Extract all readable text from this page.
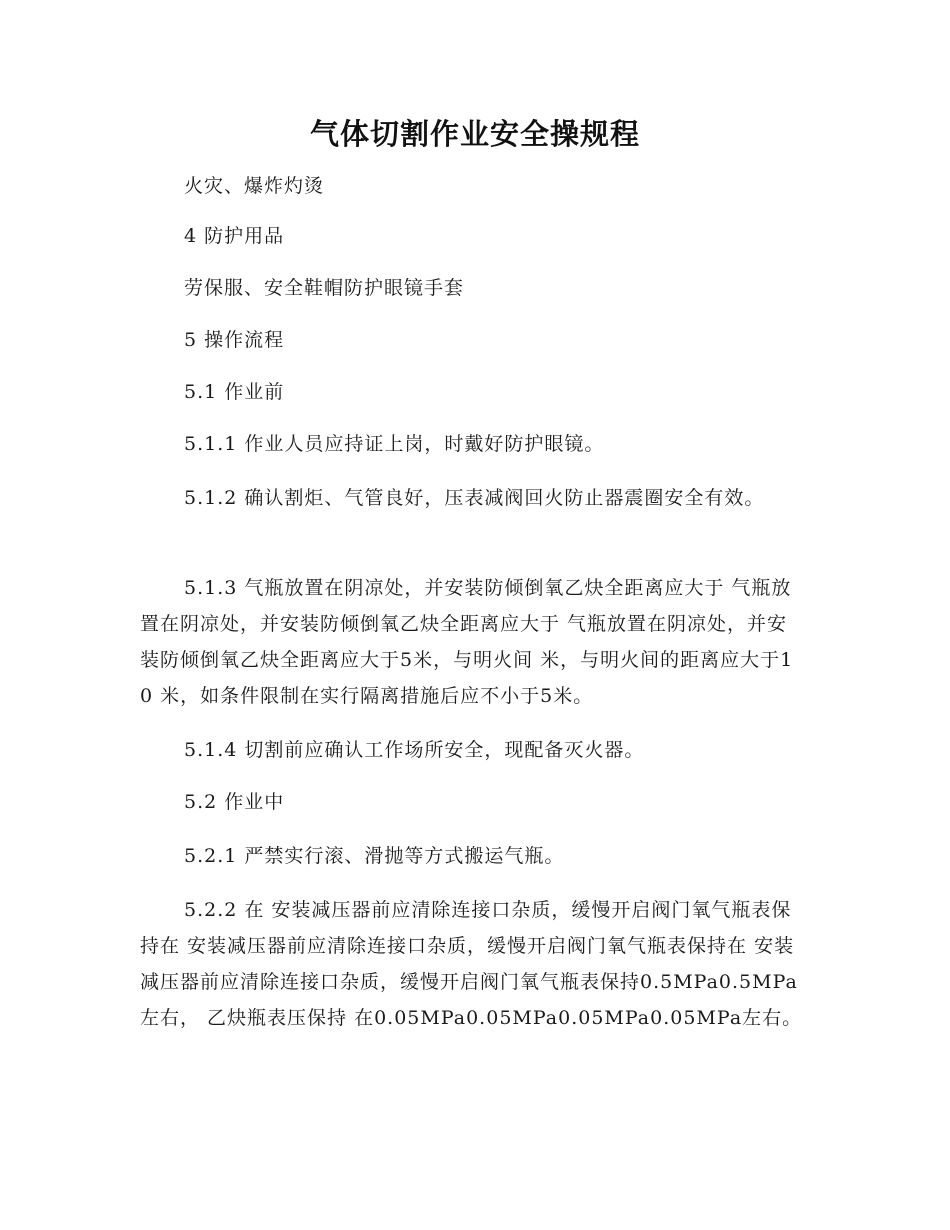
气体切割作业安全操规程

火灾、爆炸灼烫

4 防护用品

劳保服、安全鞋帽防护眼镜手套

5 操作流程

5.1 作业前

5.1.1 作业人员应持证上岗，时戴好防护眼镜。

5.1.2 确认割炬、气管良好，压表减阀回火防止器震圈安全有效。

5.1.3 气瓶放置在阴凉处，并安装防倾倒氧乙炔全距离应大于 气瓶放置在阴凉处，并安装防倾倒氧乙炔全距离应大于 气瓶放置在阴凉处，并安装防倾倒氧乙炔全距离应大于5米，与明火间 米，与明火间的距离应大于10 米，如条件限制在实行隔离措施后应不小于5米。

5.1.4 切割前应确认工作场所安全，现配备灭火器。

5.2 作业中

5.2.1 严禁实行滚、滑抛等方式搬运气瓶。

5.2.2 在 安装减压器前应清除连接口杂质，缓慢开启阀门氧气瓶表保持在 安装减压器前应清除连接口杂质，缓慢开启阀门氧气瓶表保持在 安装减压器前应清除连接口杂质，缓慢开启阀门氧气瓶表保持0.5MPa0.5MPa左右， 乙炔瓶表压保持 在0.05MPa0.05MPa0.05MPa0.05MPa左右。
